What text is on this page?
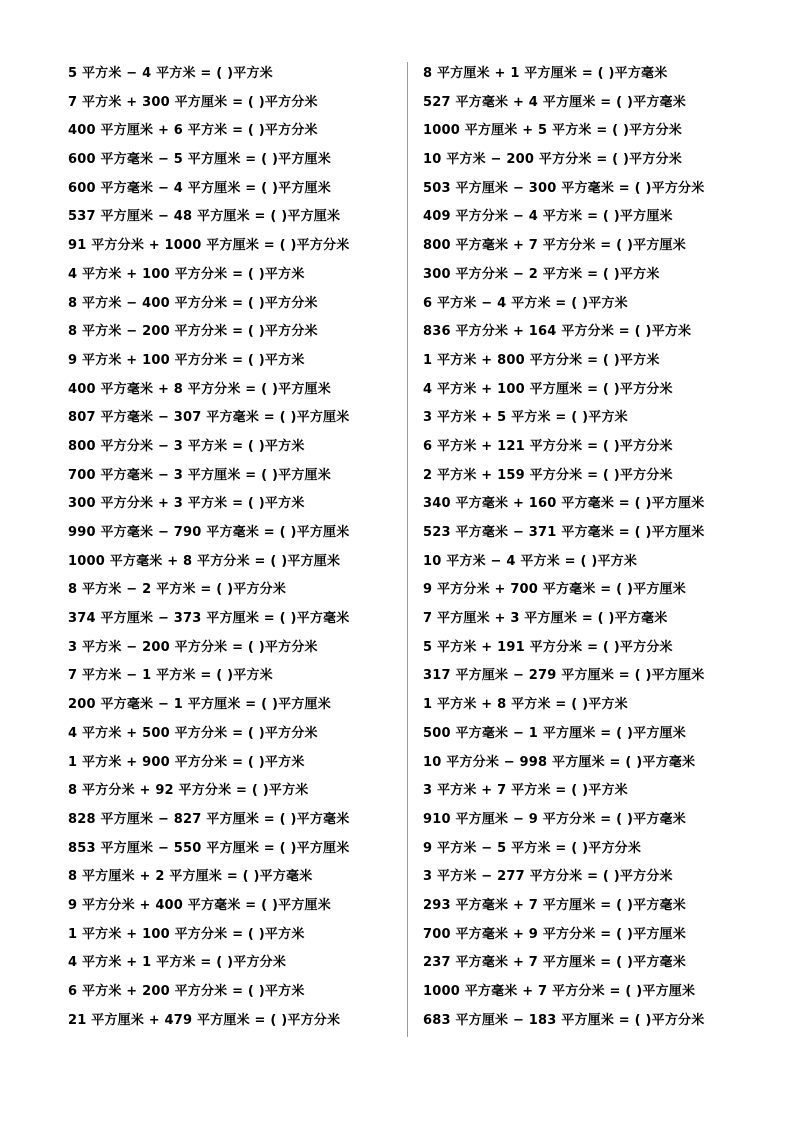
5 平方米 − 4 平方米 = ( )平方米
7 平方米 + 300 平方厘米 = ( )平方分米
400 平方厘米 + 6 平方米 = ( )平方分米
600 平方毫米 − 5 平方厘米 = ( )平方厘米
600 平方毫米 − 4 平方厘米 = ( )平方厘米
537 平方厘米 − 48 平方厘米 = ( )平方厘米
91 平方分米 + 1000 平方厘米 = ( )平方分米
4 平方米 + 100 平方分米 = ( )平方米
8 平方米 − 400 平方分米 = ( )平方分米
8 平方米 − 200 平方分米 = ( )平方分米
9 平方米 + 100 平方分米 = ( )平方米
400 平方毫米 + 8 平方分米 = ( )平方厘米
807 平方毫米 − 307 平方毫米 = ( )平方厘米
800 平方分米 − 3 平方米 = ( )平方米
700 平方毫米 − 3 平方厘米 = ( )平方厘米
300 平方分米 + 3 平方米 = ( )平方米
990 平方毫米 − 790 平方毫米 = ( )平方厘米
1000 平方毫米 + 8 平方分米 = ( )平方厘米
8 平方米 − 2 平方米 = ( )平方分米
374 平方厘米 − 373 平方厘米 = ( )平方毫米
3 平方米 − 200 平方分米 = ( )平方分米
7 平方米 − 1 平方米 = ( )平方米
200 平方毫米 − 1 平方厘米 = ( )平方厘米
4 平方米 + 500 平方分米 = ( )平方分米
1 平方米 + 900 平方分米 = ( )平方米
8 平方分米 + 92 平方分米 = ( )平方米
828 平方厘米 − 827 平方厘米 = ( )平方毫米
853 平方厘米 − 550 平方厘米 = ( )平方厘米
8 平方厘米 + 2 平方厘米 = ( )平方毫米
9 平方分米 + 400 平方毫米 = ( )平方厘米
1 平方米 + 100 平方分米 = ( )平方米
4 平方米 + 1 平方米 = ( )平方分米
6 平方米 + 200 平方分米 = ( )平方米
21 平方厘米 + 479 平方厘米 = ( )平方分米
8 平方厘米 + 1 平方厘米 = ( )平方毫米
527 平方毫米 + 4 平方厘米 = ( )平方毫米
1000 平方厘米 + 5 平方米 = ( )平方分米
10 平方米 − 200 平方分米 = ( )平方分米
503 平方厘米 − 300 平方毫米 = ( )平方分米
409 平方分米 − 4 平方米 = ( )平方厘米
800 平方毫米 + 7 平方分米 = ( )平方厘米
300 平方分米 − 2 平方米 = ( )平方米
6 平方米 − 4 平方米 = ( )平方米
836 平方分米 + 164 平方分米 = ( )平方米
1 平方米 + 800 平方分米 = ( )平方米
4 平方米 + 100 平方厘米 = ( )平方分米
3 平方米 + 5 平方米 = ( )平方米
6 平方米 + 121 平方分米 = ( )平方分米
2 平方米 + 159 平方分米 = ( )平方分米
340 平方毫米 + 160 平方毫米 = ( )平方厘米
523 平方毫米 − 371 平方毫米 = ( )平方厘米
10 平方米 − 4 平方米 = ( )平方米
9 平方分米 + 700 平方毫米 = ( )平方厘米
7 平方厘米 + 3 平方厘米 = ( )平方毫米
5 平方米 + 191 平方分米 = ( )平方分米
317 平方厘米 − 279 平方厘米 = ( )平方厘米
1 平方米 + 8 平方米 = ( )平方米
500 平方毫米 − 1 平方厘米 = ( )平方厘米
10 平方分米 − 998 平方厘米 = ( )平方毫米
3 平方米 + 7 平方米 = ( )平方米
910 平方厘米 − 9 平方分米 = ( )平方毫米
9 平方米 − 5 平方米 = ( )平方分米
3 平方米 − 277 平方分米 = ( )平方分米
293 平方毫米 + 7 平方厘米 = ( )平方毫米
700 平方毫米 + 9 平方分米 = ( )平方厘米
237 平方毫米 + 7 平方厘米 = ( )平方毫米
1000 平方毫米 + 7 平方分米 = ( )平方厘米
683 平方厘米 − 183 平方厘米 = ( )平方分米
